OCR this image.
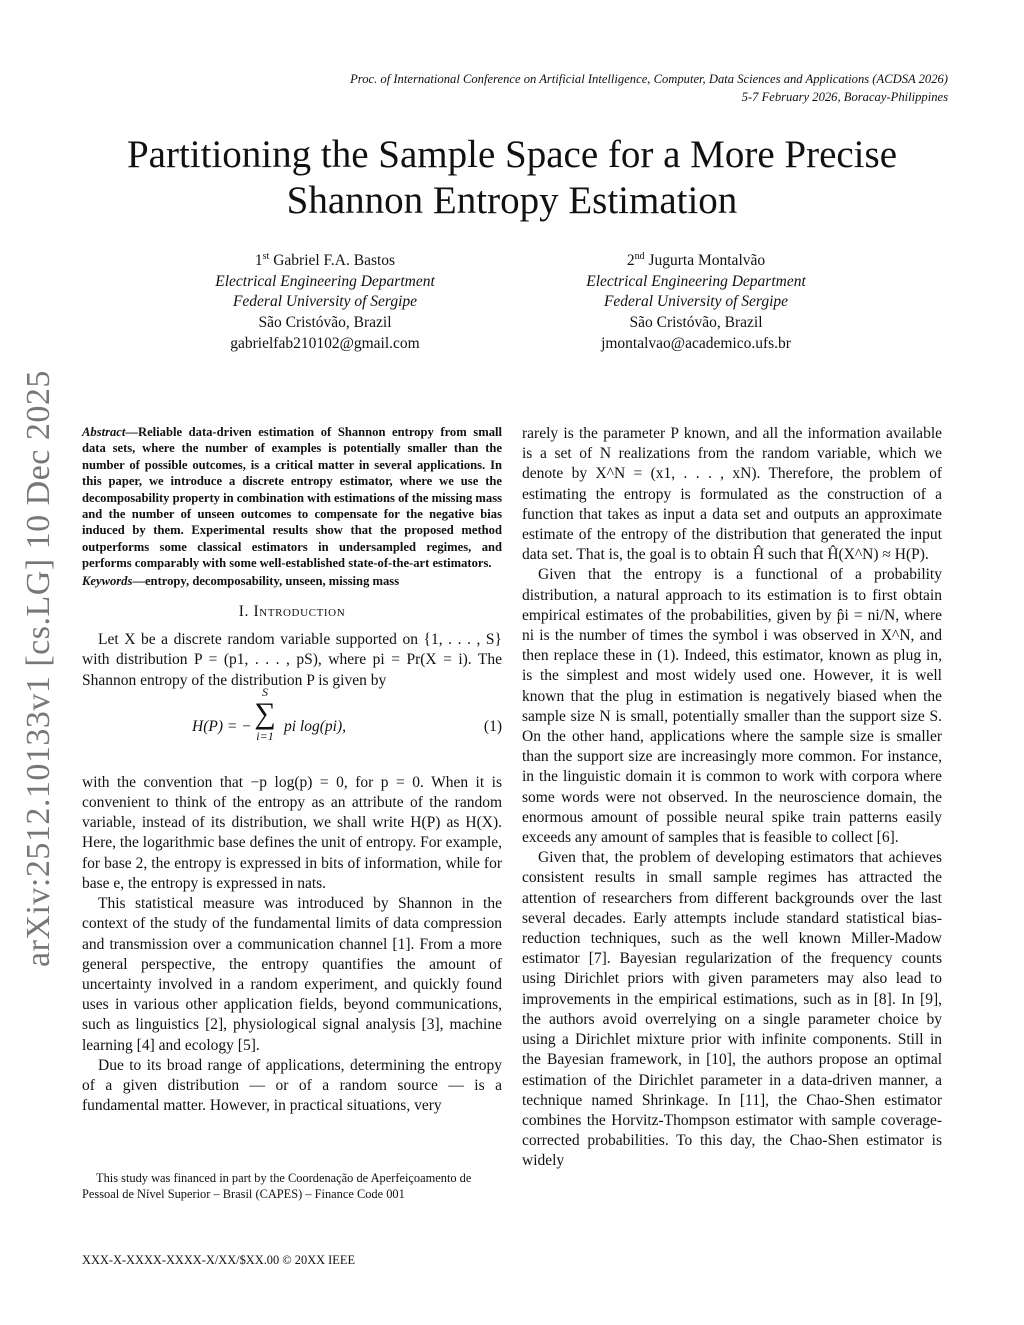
Proc. of International Conference on Artificial Intelligence, Computer, Data Sciences and Applications (ACDSA 2026)
5-7 February 2026, Boracay-Philippines
Partitioning the Sample Space for a More Precise
Shannon Entropy Estimation
1st Gabriel F.A. Bastos
Electrical Engineering Department
Federal University of Sergipe
São Cristóvão, Brazil
gabrielfab210102@gmail.com
2nd Jugurta Montalvão
Electrical Engineering Department
Federal University of Sergipe
São Cristóvão, Brazil
jmontalvao@academico.ufs.br
arXiv:2512.10133v1 [cs.LG] 10 Dec 2025 Abstract—Reliable data-driven estimation of Shannon entropy from small data sets, where the number of examples is potentially smaller than the number of possible outcomes, is a critical matter in several applications. In this paper, we introduce a discrete entropy estimator, where we use the decomposability property in combination with estimations of the missing mass and the number of unseen outcomes to compensate for the negative bias induced by them. Experimental results show that the proposed method outperforms some classical estimators in undersampled regimes, and performs comparably with some well-established state-of-the-art estimators.

Keywords—entropy, decomposability, unseen, missing mass

I. Introduction

Let X be a discrete random variable supported on {1, . . . , S} with distribution P = (p1, . . . , pS), where pi = Pr(X = i). The Shannon entropy of the distribution P is given by

H(P) = −
S
∑
i=1
pi log(pi),	(1)

with the convention that −p log(p) = 0, for p = 0. When it is convenient to think of the entropy as an attribute of the random variable, instead of its distribution, we shall write H(P) as H(X). Here, the logarithmic base defines the unit of entropy. For example, for base 2, the entropy is expressed in bits of information, while for base e, the entropy is expressed in nats.

This statistical measure was introduced by Shannon in the context of the study of the fundamental limits of data compression and transmission over a communication channel [1]. From a more general perspective, the entropy quantifies the amount of uncertainty involved in a random experiment, and quickly found uses in various other application fields, beyond communications, such as linguistics [2], physiological signal analysis [3], machine learning [4] and ecology [5].

Due to its broad range of applications, determining the entropy of a given distribution — or of a random source — is a fundamental matter. However, in practical situations, very

rarely is the parameter P known, and all the information available is a set of N realizations from the random variable, which we denote by X^N = (x1, . . . , xN). Therefore, the problem of estimating the entropy is formulated as the construction of a function that takes as input a data set and outputs an approximate estimate of the entropy of the distribution that generated the input data set. That is, the goal is to obtain Ĥ such that Ĥ(X^N) ≈ H(P).

Given that the entropy is a functional of a probability distribution, a natural approach to its estimation is to first obtain empirical estimates of the probabilities, given by p̂i = ni/N, where ni is the number of times the symbol i was observed in X^N, and then replace these in (1). Indeed, this estimator, known as plug in, is the simplest and most widely used one. However, it is well known that the plug in estimation is negatively biased when the sample size N is small, potentially smaller than the support size S. On the other hand, applications where the sample size is smaller than the support size are increasingly more common. For instance, in the linguistic domain it is common to work with corpora where some words were not observed. In the neuroscience domain, the enormous amount of possible neural spike train patterns easily exceeds any amount of samples that is feasible to collect [6].

Given that, the problem of developing estimators that achieves consistent results in small sample regimes has attracted the attention of researchers from different backgrounds over the last several decades. Early attempts include standard statistical bias-reduction techniques, such as the well known Miller-Madow estimator [7]. Bayesian regularization of the frequency counts using Dirichlet priors with given parameters may also lead to improvements in the empirical estimations, such as in [8]. In [9], the authors avoid overrelying on a single parameter choice by using a Dirichlet mixture prior with infinite components. Still in the Bayesian framework, in [10], the authors propose an optimal estimation of the Dirichlet parameter in a data-driven manner, a technique named Shrinkage. In [11], the Chao-Shen estimator combines the Horvitz-Thompson estimator with sample coverage-corrected probabilities. To this day, the Chao-Shen estimator is widely

This study was financed in part by the Coordenação de Aperfeiçoamento de Pessoal de Nível Superior – Brasil (CAPES) – Finance Code 001
XXX-X-XXXX-XXXX-X/XX/$XX.00 © 20XX IEEE
